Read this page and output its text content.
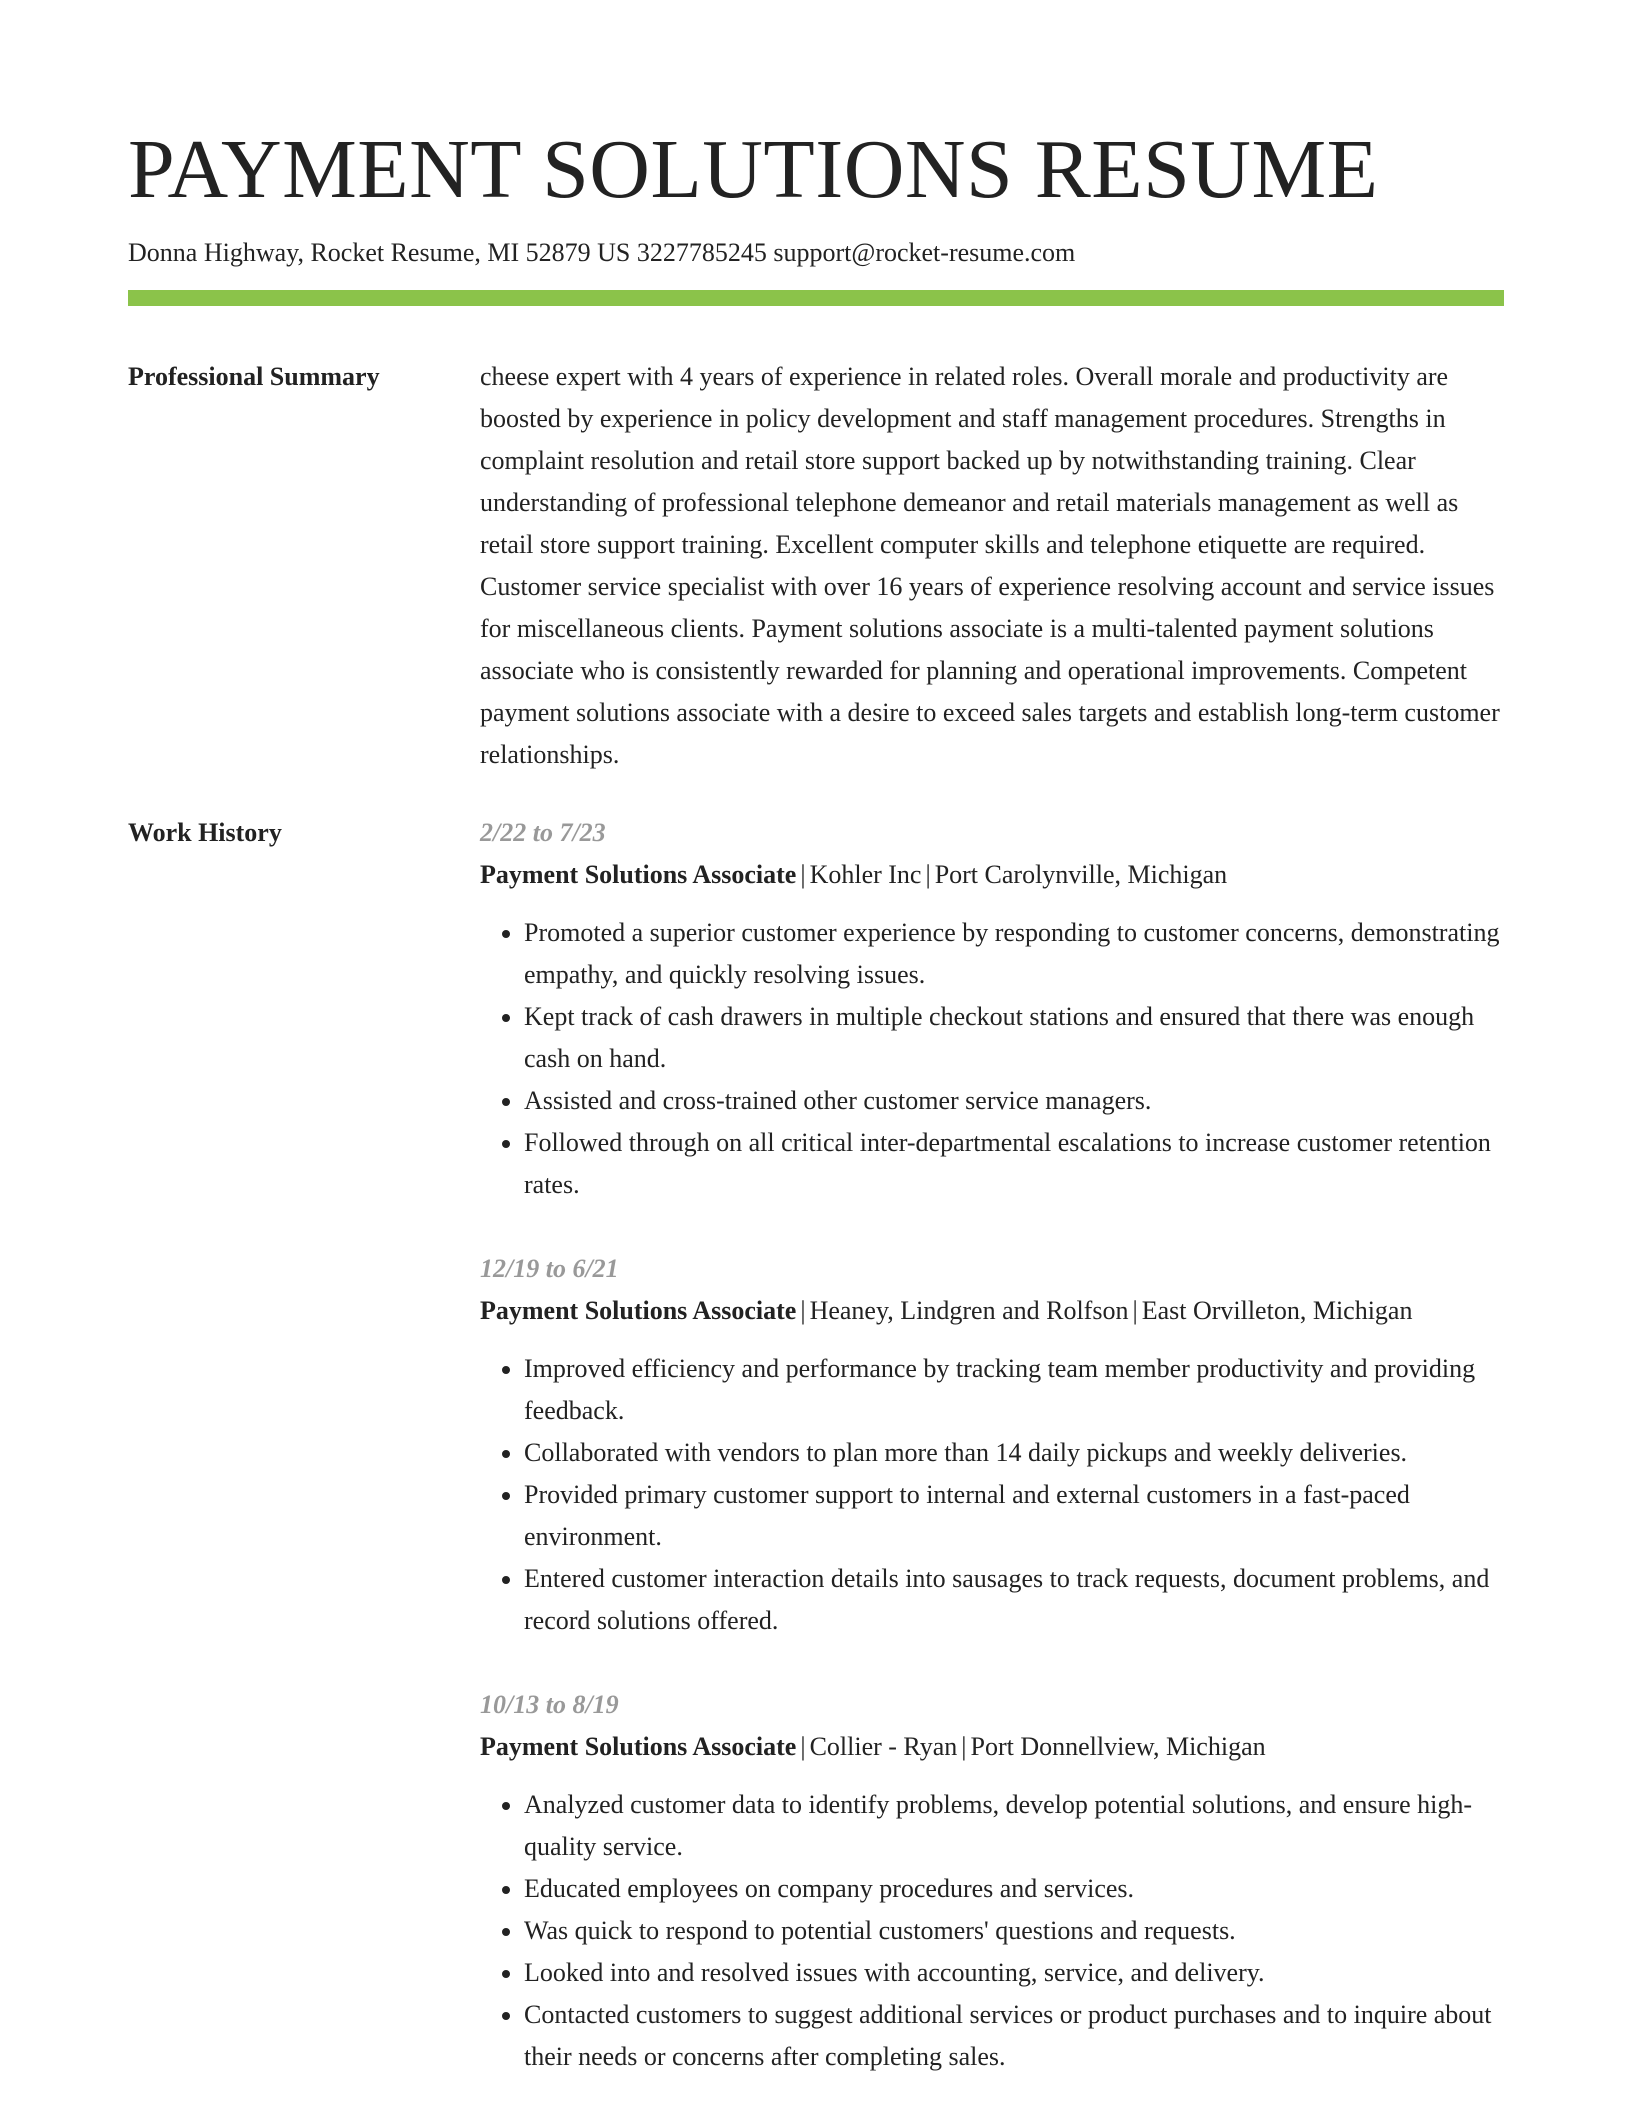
PAYMENT SOLUTIONS RESUME
Donna Highway, Rocket Resume, MI 52879 US 3227785245 support@rocket-resume.com
Professional Summary	cheese expert with 4 years of experience in related roles. Overall morale and productivity are boosted by experience in policy development and staff management procedures. Strengths in complaint resolution and retail store support backed up by notwithstanding training. Clear understanding of professional telephone demeanor and retail materials management as well as retail store support training. Excellent computer skills and telephone etiquette are required. Customer service specialist with over 16 years of experience resolving account and service issues for miscellaneous clients. Payment solutions associate is a multi-talented payment solutions associate who is consistently rewarded for planning and operational improvements. Competent payment solutions associate with a desire to exceed sales targets and establish long-term customer relationships.

Work History	2/22 to 7/23
Payment Solutions Associate | Kohler Inc | Port Carolynville, Michigan
• Promoted a superior customer experience by responding to customer concerns, demonstrating empathy, and quickly resolving issues.
• Kept track of cash drawers in multiple checkout stations and ensured that there was enough cash on hand.
• Assisted and cross-trained other customer service managers.
• Followed through on all critical inter-departmental escalations to increase customer retention rates.
12/19 to 6/21
Payment Solutions Associate | Heaney, Lindgren and Rolfson | East Orvilleton, Michigan
• Improved efficiency and performance by tracking team member productivity and providing feedback.
• Collaborated with vendors to plan more than 14 daily pickups and weekly deliveries.
• Provided primary customer support to internal and external customers in a fast-paced environment.
• Entered customer interaction details into sausages to track requests, document problems, and record solutions offered.
10/13 to 8/19
Payment Solutions Associate | Collier - Ryan | Port Donnellview, Michigan
• Analyzed customer data to identify problems, develop potential solutions, and ensure high-quality service.
• Educated employees on company procedures and services.
• Was quick to respond to potential customers' questions and requests.
• Looked into and resolved issues with accounting, service, and delivery.
• Contacted customers to suggest additional services or product purchases and to inquire about their needs or concerns after completing sales.
